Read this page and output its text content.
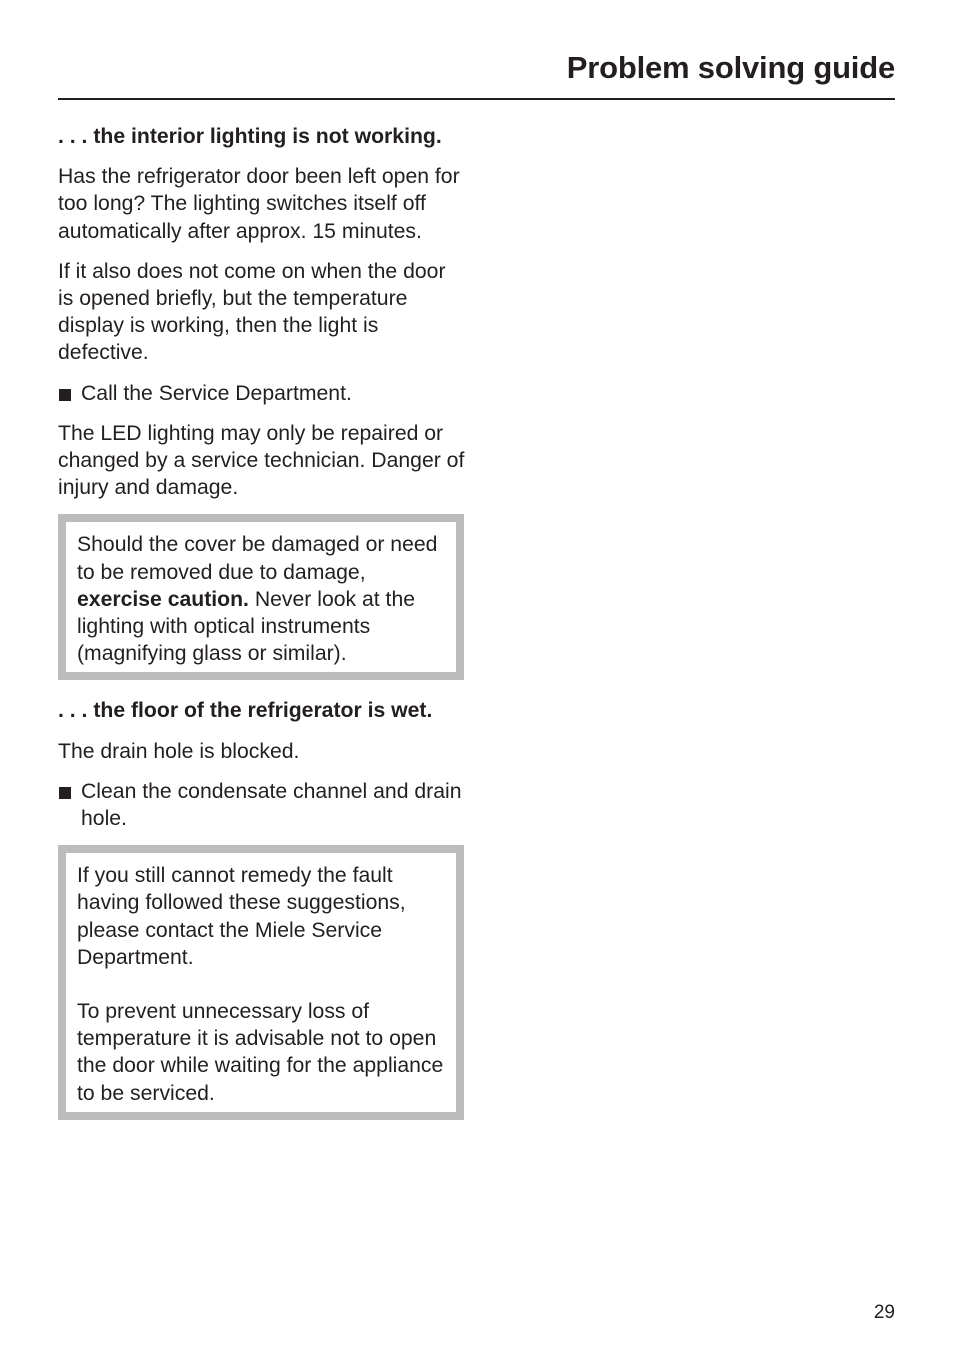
Problem solving guide
. . . the interior lighting is not working.
Has the refrigerator door been left open for too long? The lighting switches itself off automatically after approx. 15 minutes.
If it also does not come on when the door is opened briefly, but the temperature display is working, then the light is defective.
Call the Service Department.
The LED lighting may only be repaired or changed by a service technician. Danger of injury and damage.
Should the cover be damaged or need to be removed due to damage, exercise caution. Never look at the lighting with optical instruments (magnifying glass or similar).
. . . the floor of the refrigerator is wet.
The drain hole is blocked.
Clean the condensate channel and drain hole.
If you still cannot remedy the fault having followed these suggestions, please contact the Miele Service Department.
To prevent unnecessary loss of temperature it is advisable not to open the door while waiting for the appliance to be serviced.
29
